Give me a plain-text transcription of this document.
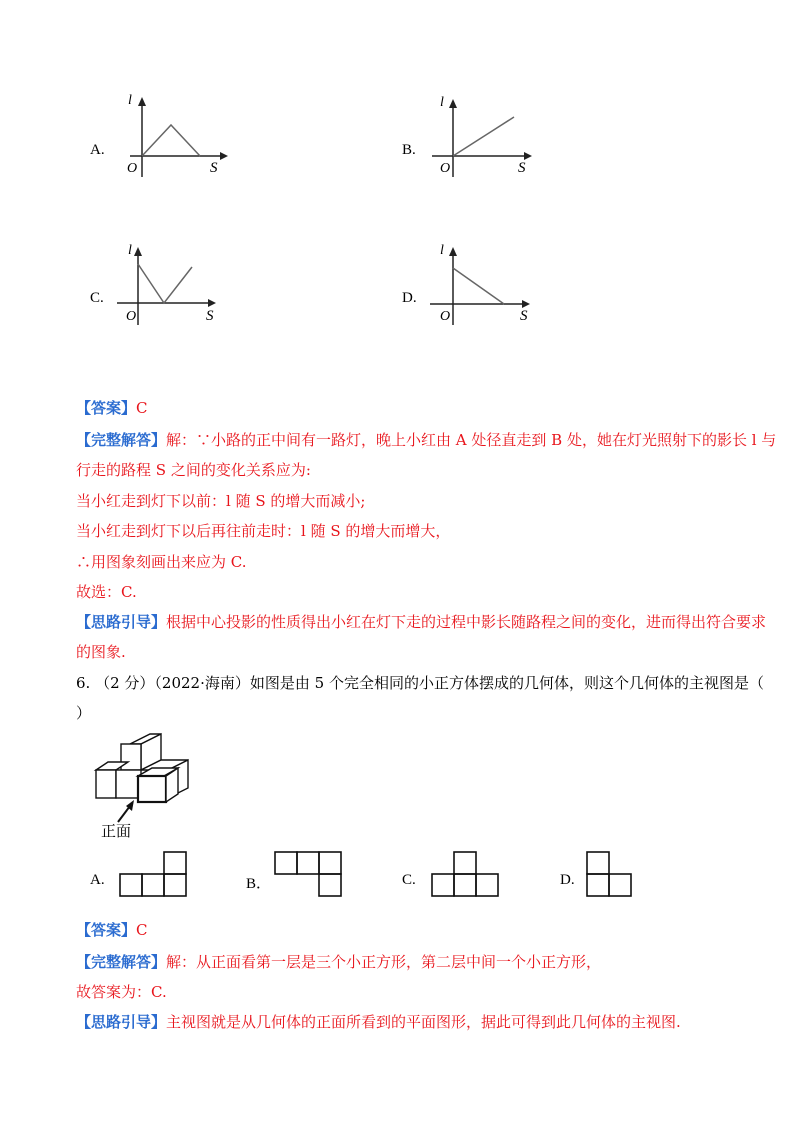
A.
l
S
O
B.
l
S
O
C.
l
S
O
D.
l
S
O
【答案】C
【完整解答】解：∵小路的正中间有一路灯，晚上小红由 A 处径直走到 B 处，她在灯光照射下的影长 l 与
行走的路程 S 之间的变化关系应为:
当小红走到灯下以前：l 随 S 的增大而减小;
当小红走到灯下以后再往前走时：l 随 S 的增大而增大，
∴用图象刻画出来应为 C.
故选：C.
【思路引导】根据中心投影的性质得出小红在灯下走的过程中影长随路程之间的变化，进而得出符合要求
的图象.
6. （2 分）（2022·海南）如图是由 5 个完全相同的小正方体摆成的几何体，则这个几何体的主视图是（
）
正面
A.	B．	C.	D.
【答案】C
【完整解答】解：从正面看第一层是三个小正方形，第二层中间一个小正方形，
故答案为：C.
【思路引导】主视图就是从几何体的正面所看到的平面图形，据此可得到此几何体的主视图.
